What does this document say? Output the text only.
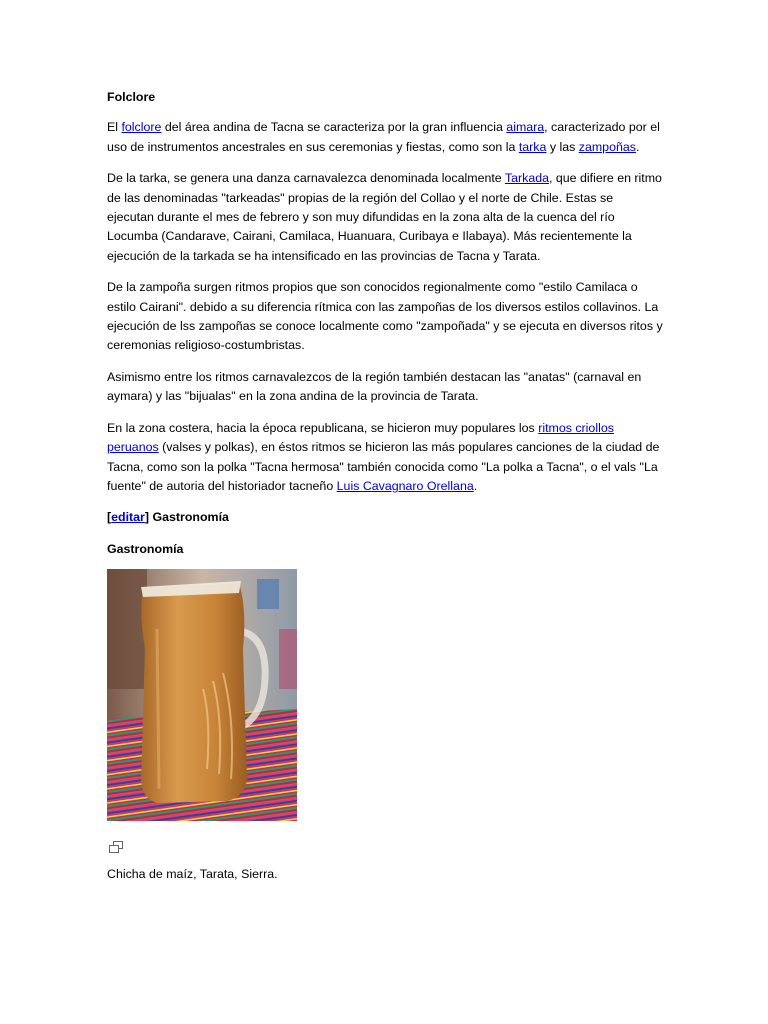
Folclore

El folclore del área andina de Tacna se caracteriza por la gran influencia aimara, caracterizado por el uso de instrumentos ancestrales en sus ceremonias y fiestas, como son la tarka y las zampoñas.

De la tarka, se genera una danza carnavalezca denominada localmente Tarkada, que difiere en ritmo de las denominadas "tarkeadas" propias de la región del Collao y el norte de Chile. Estas se ejecutan durante el mes de febrero y son muy difundidas en la zona alta de la cuenca del río Locumba (Candarave, Cairani, Camilaca, Huanuara, Curibaya e Ilabaya). Más recientemente la ejecución de la tarkada se ha intensificado en las provincias de Tacna y Tarata.

De la zampoña surgen ritmos propios que son conocidos regionalmente como "estilo Camilaca o estilo Cairani". debido a su diferencia rítmica con las zampoñas de los diversos estilos collavinos. La ejecución de lss zampoñas se conoce localmente como "zampoñada" y se ejecuta en diversos ritos y ceremonias religioso-costumbristas.

Asimismo entre los ritmos carnavalezcos de la región también destacan las "anatas" (carnaval en aymara) y las "bijualas" en la zona andina de la provincia de Tarata.

En la zona costera, hacia la época republicana, se hicieron muy populares los ritmos criollos peruanos (valses y polkas), en éstos ritmos se hicieron las más populares canciones de la ciudad de Tacna, como son la polka "Tacna hermosa" también conocida como "La polka a Tacna", o el vals "La fuente" de autoria del historiador tacneño Luis Cavagnaro Orellana.

[editar] Gastronomía

Gastronomía

Chicha de maíz, Tarata, Sierra.
